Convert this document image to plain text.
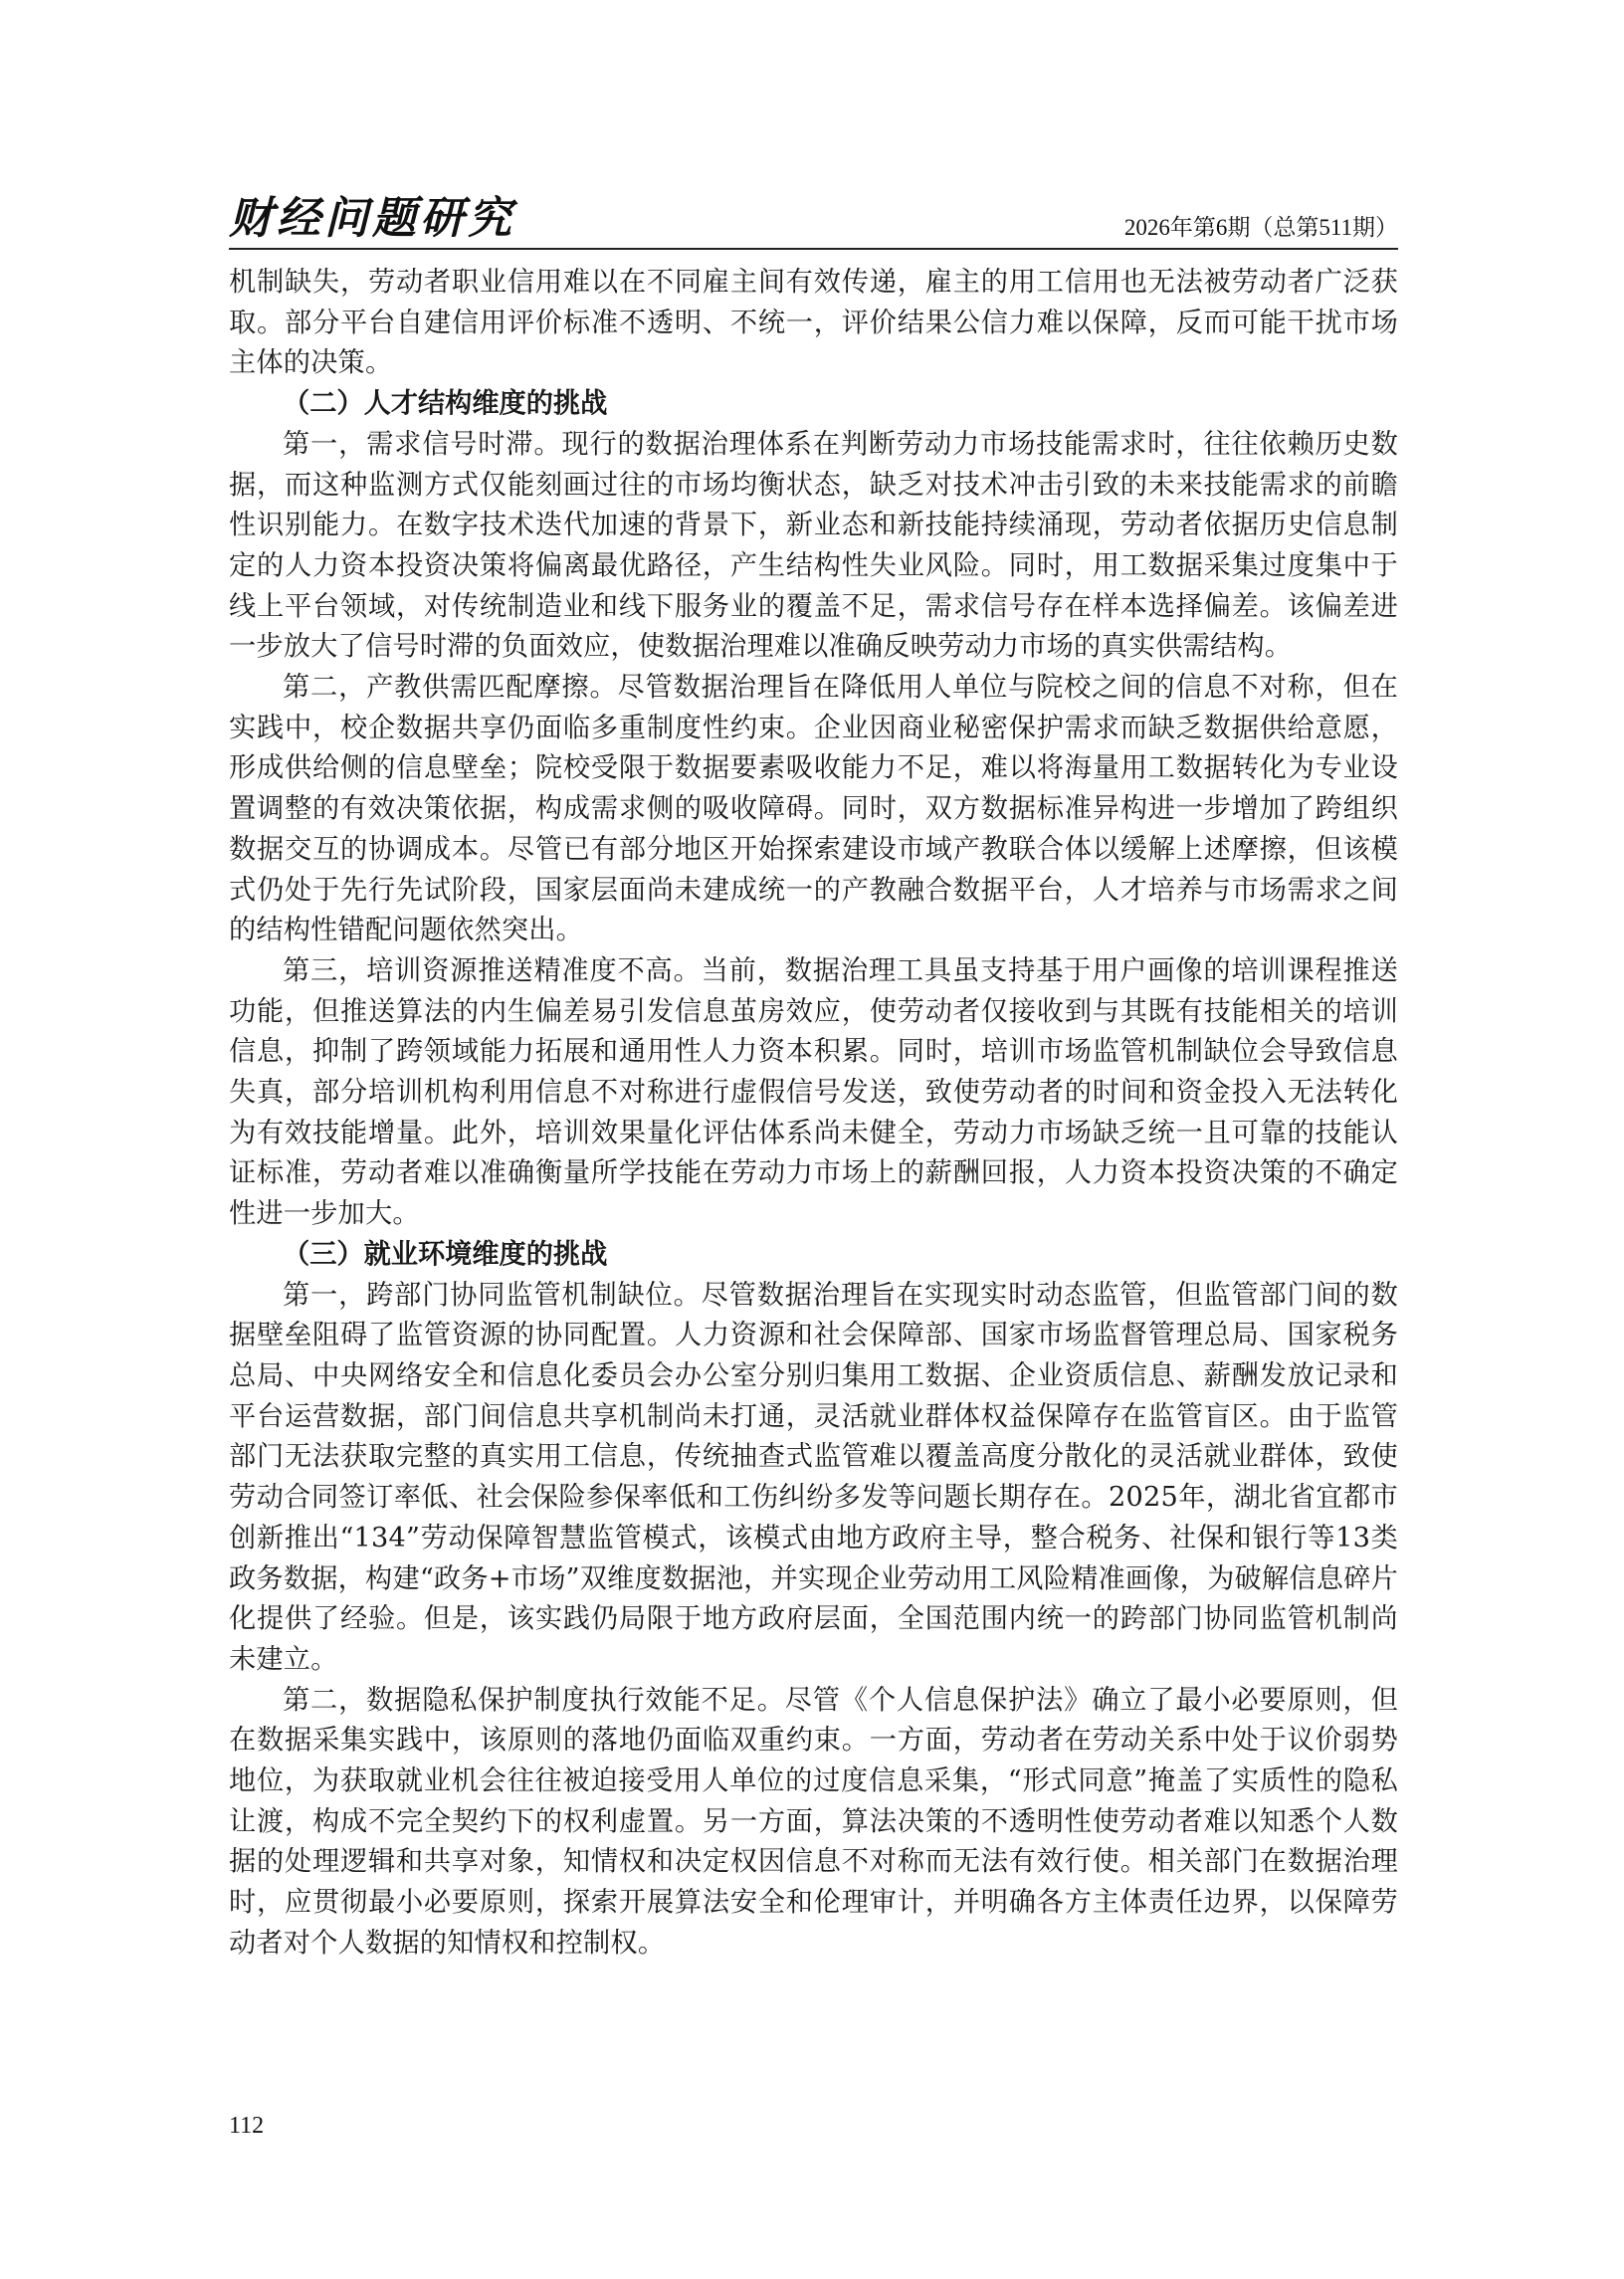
财经问题研究	2026年第6期（总第511期）

机制缺失，劳动者职业信用难以在不同雇主间有效传递，雇主的用工信用也无法被劳动者广泛获取。部分平台自建信用评价标准不透明、不统一，评价结果公信力难以保障，反而可能干扰市场主体的决策。

（二）人才结构维度的挑战

第一，需求信号时滞。现行的数据治理体系在判断劳动力市场技能需求时，往往依赖历史数据，而这种监测方式仅能刻画过往的市场均衡状态，缺乏对技术冲击引致的未来技能需求的前瞻性识别能力。在数字技术迭代加速的背景下，新业态和新技能持续涌现，劳动者依据历史信息制定的人力资本投资决策将偏离最优路径，产生结构性失业风险。同时，用工数据采集过度集中于线上平台领域，对传统制造业和线下服务业的覆盖不足，需求信号存在样本选择偏差。该偏差进一步放大了信号时滞的负面效应，使数据治理难以准确反映劳动力市场的真实供需结构。

第二，产教供需匹配摩擦。尽管数据治理旨在降低用人单位与院校之间的信息不对称，但在实践中，校企数据共享仍面临多重制度性约束。企业因商业秘密保护需求而缺乏数据供给意愿，形成供给侧的信息壁垒；院校受限于数据要素吸收能力不足，难以将海量用工数据转化为专业设置调整的有效决策依据，构成需求侧的吸收障碍。同时，双方数据标准异构进一步增加了跨组织数据交互的协调成本。尽管已有部分地区开始探索建设市域产教联合体以缓解上述摩擦，但该模式仍处于先行先试阶段，国家层面尚未建成统一的产教融合数据平台，人才培养与市场需求之间的结构性错配问题依然突出。

第三，培训资源推送精准度不高。当前，数据治理工具虽支持基于用户画像的培训课程推送功能，但推送算法的内生偏差易引发信息茧房效应，使劳动者仅接收到与其既有技能相关的培训信息，抑制了跨领域能力拓展和通用性人力资本积累。同时，培训市场监管机制缺位会导致信息失真，部分培训机构利用信息不对称进行虚假信号发送，致使劳动者的时间和资金投入无法转化为有效技能增量。此外，培训效果量化评估体系尚未健全，劳动力市场缺乏统一且可靠的技能认证标准，劳动者难以准确衡量所学技能在劳动力市场上的薪酬回报，人力资本投资决策的不确定性进一步加大。

（三）就业环境维度的挑战

第一，跨部门协同监管机制缺位。尽管数据治理旨在实现实时动态监管，但监管部门间的数据壁垒阻碍了监管资源的协同配置。人力资源和社会保障部、国家市场监督管理总局、国家税务总局、中央网络安全和信息化委员会办公室分别归集用工数据、企业资质信息、薪酬发放记录和平台运营数据，部门间信息共享机制尚未打通，灵活就业群体权益保障存在监管盲区。由于监管部门无法获取完整的真实用工信息，传统抽查式监管难以覆盖高度分散化的灵活就业群体，致使劳动合同签订率低、社会保险参保率低和工伤纠纷多发等问题长期存在。2025年，湖北省宜都市创新推出“134”劳动保障智慧监管模式，该模式由地方政府主导，整合税务、社保和银行等13类政务数据，构建“政务+市场”双维度数据池，并实现企业劳动用工风险精准画像，为破解信息碎片化提供了经验。但是，该实践仍局限于地方政府层面，全国范围内统一的跨部门协同监管机制尚未建立。

第二，数据隐私保护制度执行效能不足。尽管《个人信息保护法》确立了最小必要原则，但在数据采集实践中，该原则的落地仍面临双重约束。一方面，劳动者在劳动关系中处于议价弱势地位，为获取就业机会往往被迫接受用人单位的过度信息采集，“形式同意”掩盖了实质性的隐私让渡，构成不完全契约下的权利虚置。另一方面，算法决策的不透明性使劳动者难以知悉个人数据的处理逻辑和共享对象，知情权和决定权因信息不对称而无法有效行使。相关部门在数据治理时，应贯彻最小必要原则，探索开展算法安全和伦理审计，并明确各方主体责任边界，以保障劳动者对个人数据的知情权和控制权。

112
